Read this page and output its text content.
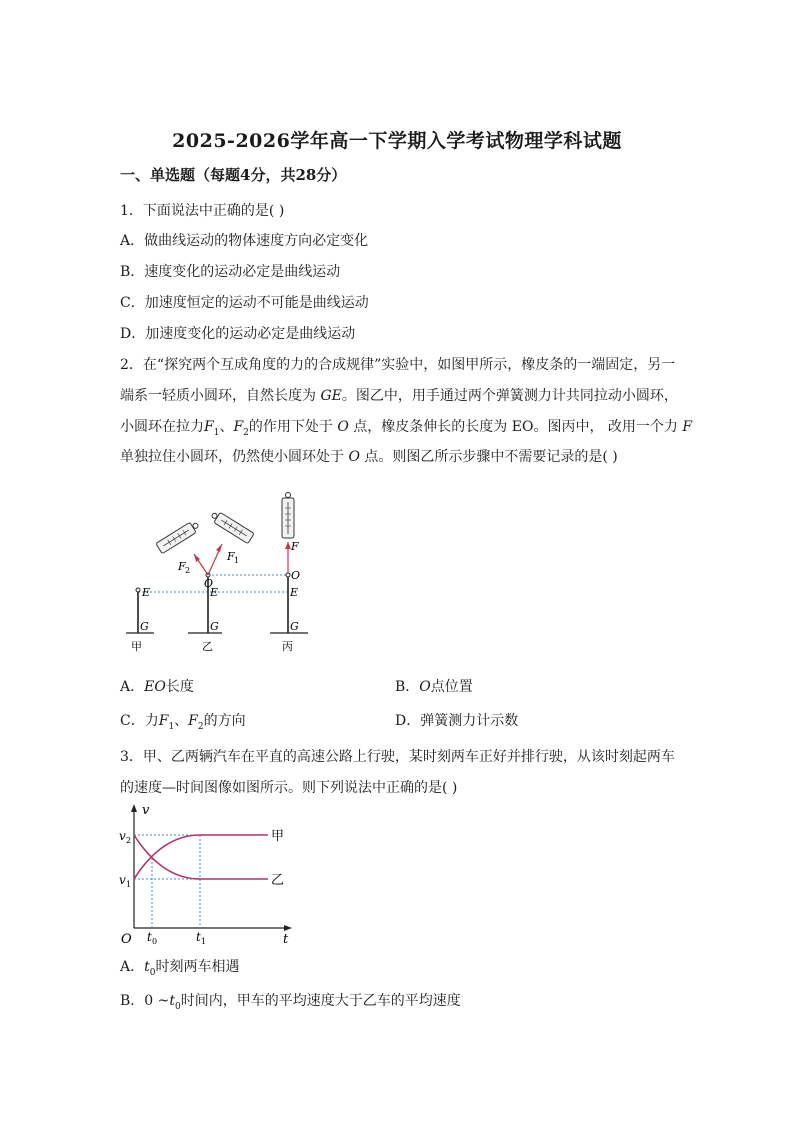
2025-2026学年高一下学期入学考试物理学科试题
一、单选题（每题4分，共28分）
1．下面说法中正确的是( )
A．做曲线运动的物体速度方向必定变化
B．速度变化的运动必定是曲线运动
C．加速度恒定的运动不可能是曲线运动
D．加速度变化的运动必定是曲线运动
2．在“探究两个互成角度的力的合成规律”实验中，如图甲所示，橡皮条的一端固定，另一
端系一轻质小圆环，自然长度为 GE。图乙中，用手通过两个弹簧测力计共同拉动小圆环，
小圆环在拉力$F_1$、$F_2$的作用下处于 O 点，橡皮条伸长的长度为 EO。图丙中， 改用一个力 F
单独拉住小圆环，仍然使小圆环处于 O 点。则图乙所示步骤中不需要记录的是( )
E
G
甲
F 1
F 2
O
E
G
乙
F
O
E
G
丙
A．EO长度	B．O点位置
C．力$F_1$、$F_2$的方向	D．弹簧测力计示数
3．甲、乙两辆汽车在平直的高速公路上行驶，某时刻两车正好并排行驶，从该时刻起两车
的速度—时间图像如图所示。则下列说法中正确的是( )
v
t
O
甲
乙
v 2
v 1
t 0	t 1
A．$t_0$时刻两车相遇
B．0 $\sim t_0$时间内，甲车的平均速度大于乙车的平均速度
